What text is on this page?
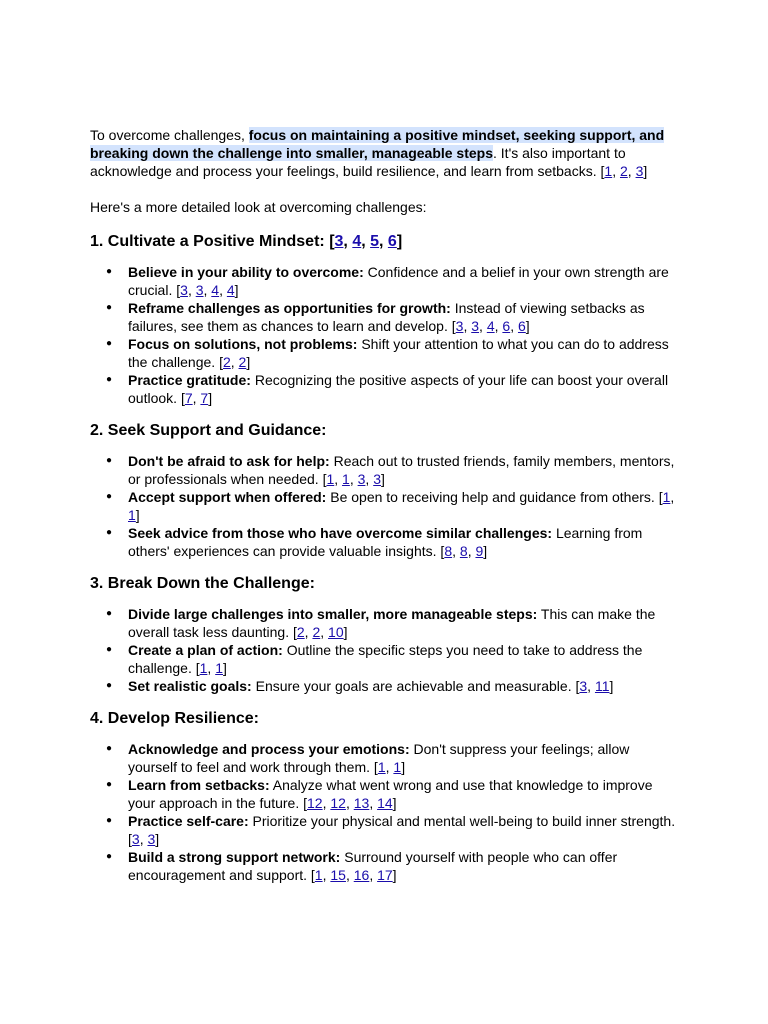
To overcome challenges, focus on maintaining a positive mindset, seeking support, and breaking down the challenge into smaller, manageable steps. It's also important to acknowledge and process your feelings, build resilience, and learn from setbacks. [1, 2, 3]

Here's a more detailed look at overcoming challenges:

1. Cultivate a Positive Mindset: [3, 4, 5, 6]
● Believe in your ability to overcome: Confidence and a belief in your own strength are crucial. [3, 3, 4, 4]
● Reframe challenges as opportunities for growth: Instead of viewing setbacks as failures, see them as chances to learn and develop. [3, 3, 4, 6, 6]
● Focus on solutions, not problems: Shift your attention to what you can do to address the challenge. [2, 2]
● Practice gratitude: Recognizing the positive aspects of your life can boost your overall outlook. [7, 7]
2. Seek Support and Guidance:
● Don't be afraid to ask for help: Reach out to trusted friends, family members, mentors, or professionals when needed. [1, 1, 3, 3]
● Accept support when offered: Be open to receiving help and guidance from others. [1, 1]
● Seek advice from those who have overcome similar challenges: Learning from others' experiences can provide valuable insights. [8, 8, 9]
3. Break Down the Challenge:
● Divide large challenges into smaller, more manageable steps: This can make the overall task less daunting. [2, 2, 10]
● Create a plan of action: Outline the specific steps you need to take to address the challenge. [1, 1]
● Set realistic goals: Ensure your goals are achievable and measurable. [3, 11]
4. Develop Resilience:
● Acknowledge and process your emotions: Don't suppress your feelings; allow yourself to feel and work through them. [1, 1]
● Learn from setbacks: Analyze what went wrong and use that knowledge to improve your approach in the future. [12, 12, 13, 14]
● Practice self-care: Prioritize your physical and mental well-being to build inner strength. [3, 3]
● Build a strong support network: Surround yourself with people who can offer encouragement and support. [1, 15, 16, 17]
